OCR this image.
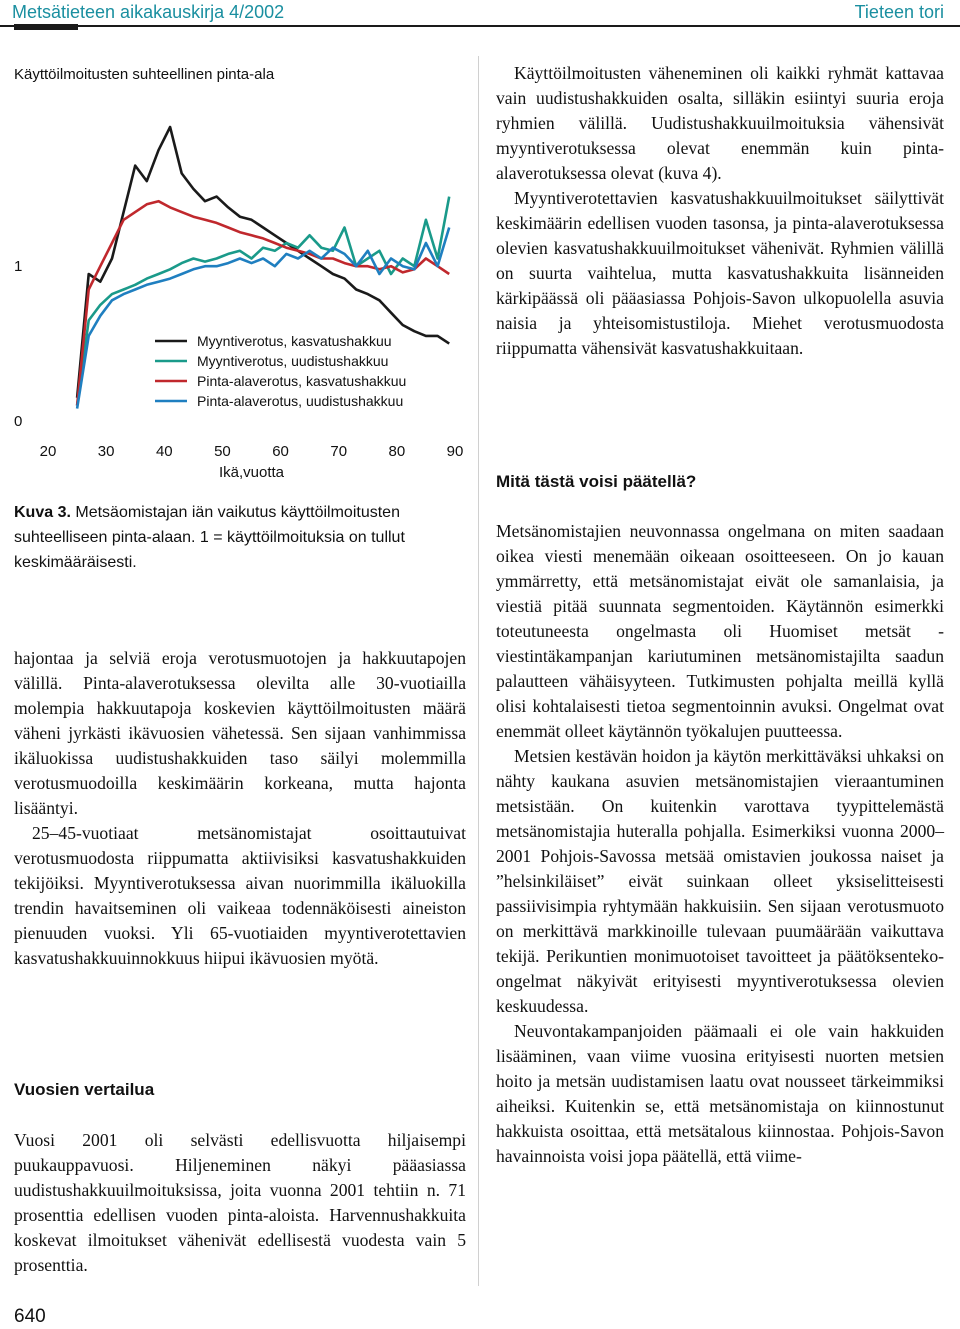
Metsätieteen aikakauskirja 4/2002	Tieteen tori
Käyttöilmoitusten suhteellinen pinta-ala
Myyntiverotus, kasvatushakkuu
Myyntiverotus, uudistushakkuu
Pinta-alaverotus, kasvatushakkuu
Pinta-alaverotus, uudistushakkuu
20	30	40	50	60	70	80	90
0
1
Ikä,vuotta
Kuva 3. Metsäomistajan iän vaikutus käyttöilmoitusten suhteelliseen pinta-alaan. 1 = käyttöilmoituksia on tullut keskimääräisesti.

hajontaa ja selviä eroja verotusmuotojen ja hakkuutapojen välillä. Pinta-alaverotuksessa olevilta alle 30-vuotiailla molempia hakkuutapoja koskevien käyttöilmoitusten määrä väheni jyrkästi ikävuosien vähetessä. Sen sijaan vanhimmissa ikäluokissa uudistushakkuiden taso säilyi molemmilla verotusmuodoilla keskimäärin korkeana, mutta hajonta lisääntyi.

25–45-vuotiaat metsänomistajat osoittautuivat verotusmuodosta riippumatta aktiivisiksi kasvatushakkuiden tekijöiksi. Myyntiverotuksessa aivan nuorimmilla ikäluokilla trendin havaitseminen oli vaikeaa todennäköisesti aineiston pienuuden vuoksi. Yli 65-vuotiaiden myyntiverotettavien kasvatushakkuuinnokkuus hiipui ikävuosien myötä.

Vuosien vertailua

Vuosi 2001 oli selvästi edellisvuotta hiljaisempi puukauppavuosi. Hiljeneminen näkyi pääasiassa uudistushakkuuilmoituksissa, joita vuonna 2001 tehtiin n. 71 prosenttia edellisen vuoden pinta-aloista. Harvennushakkuita koskevat ilmoitukset vähenivät edellisestä vuodesta vain 5 prosenttia.

Käyttöilmoitusten väheneminen oli kaikki ryhmät kattavaa vain uudistushakkuiden osalta, silläkin esiintyi suuria eroja ryhmien välillä. Uudistushakkuuilmoituksia vähensivät myyntiverotuksessa olevat enemmän kuin pinta-alaverotuksessa olevat (kuva 4).

Myyntiverotettavien kasvatushakkuuilmoitukset säilyttivät keskimäärin edellisen vuoden tasonsa, ja pinta-alaverotuksessa olevien kasvatushakkuuilmoitukset vähenivät. Ryhmien välillä on suurta vaihtelua, mutta kasvatushakkuita lisänneiden kärkipäässä oli pääasiassa Pohjois-Savon ulkopuolella asuvia naisia ja yhteisomistustiloja. Miehet verotusmuodosta riippumatta vähensivät kasvatushakkuitaan.

Mitä tästä voisi päätellä?

Metsänomistajien neuvonnassa ongelmana on miten saadaan oikea viesti menemään oikeaan osoitteeseen. On jo kauan ymmärretty, että metsänomistajat eivät ole samanlaisia, ja viestiä pitää suunnata segmentoiden. Käytännön esimerkki toteutuneesta ongelmasta oli Huomiset metsät -viestintäkampanjan kariutuminen metsänomistajilta saadun palautteen vähäisyyteen. Tutkimusten pohjalta meillä kyllä olisi kohtalaisesti tietoa segmentoinnin avuksi. Ongelmat ovat enemmät olleet käytännön työkalujen puutteessa.

Metsien kestävän hoidon ja käytön merkittäväksi uhkaksi on nähty kaukana asuvien metsänomistajien vieraantuminen metsistään. On kuitenkin varottava tyypittelemästä metsänomistajia huteralla pohjalla. Esimerkiksi vuonna 2000–2001 Pohjois-Savossa metsää omistavien joukossa naiset ja ”helsinkiläiset” eivät suinkaan olleet yksiselitteisesti passiivisimpia ryhtymään hakkuisiin. Sen sijaan verotusmuoto on merkittävä markkinoille tulevaan puumäärään vaikuttava tekijä. Perikuntien monimuotoiset tavoitteet ja päätöksenteko-ongelmat näkyivät erityisesti myyntiverotuksessa olevien keskuudessa.

Neuvontakampanjoiden päämaali ei ole vain hakkuiden lisääminen, vaan viime vuosina erityisesti nuorten metsien hoito ja metsän uudistamisen laatu ovat nousseet tärkeimmiksi aiheiksi. Kuitenkin se, että metsänomistaja on kiinnostunut hakkuista osoittaa, että metsätalous kiinnostaa. Pohjois-Savon havainnoista voisi jopa päätellä, että viime-

640
